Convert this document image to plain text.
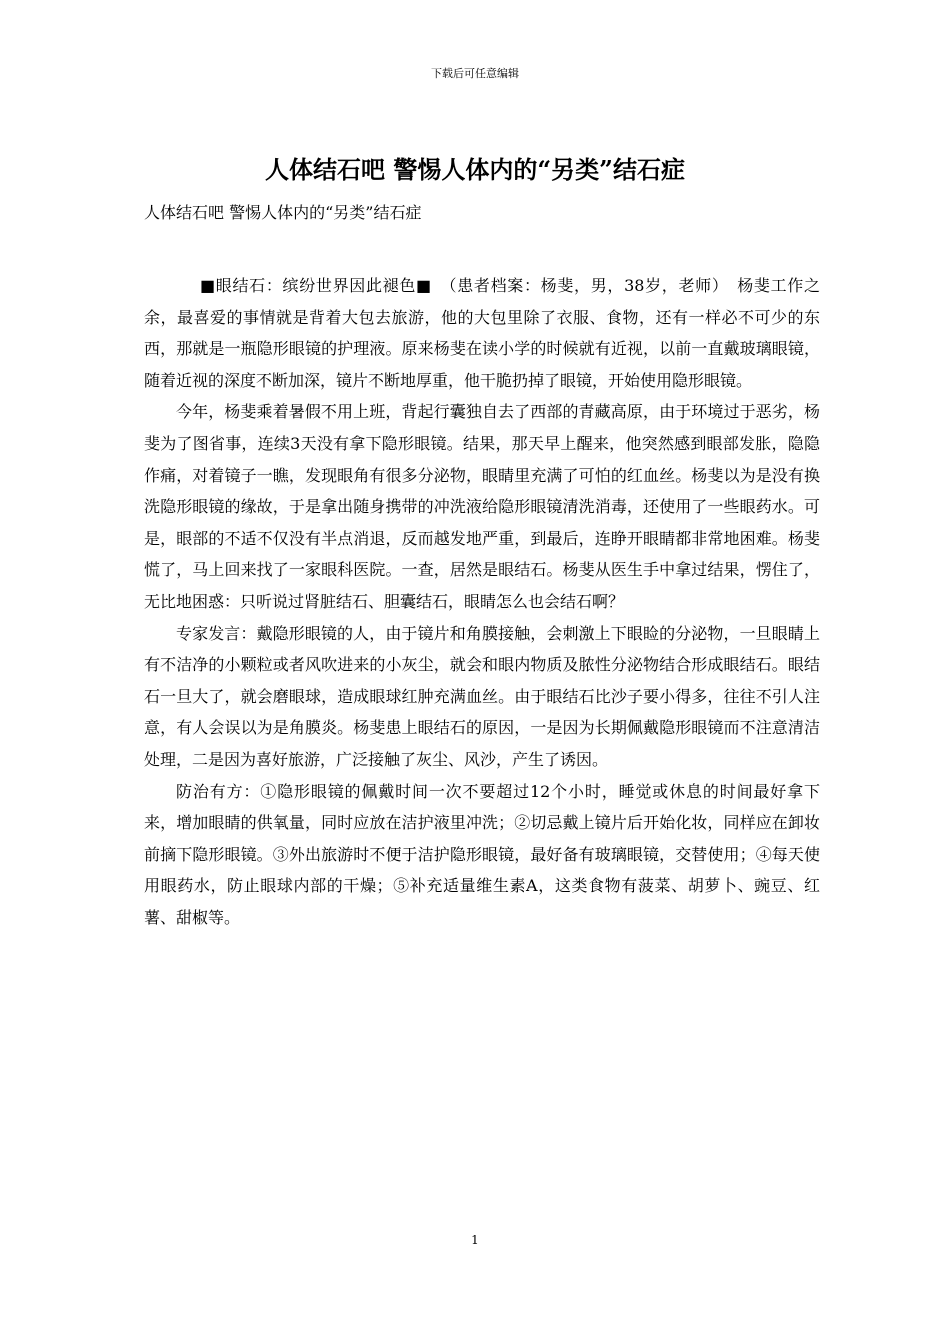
下载后可任意编辑
人体结石吧 警惕人体内的“另类”结石症

人体结石吧 警惕人体内的“另类”结石症

■眼结石：缤纷世界因此褪色■　（患者档案：杨斐，男，38岁，老师）　杨斐工作之余，最喜爱的事情就是背着大包去旅游，他的大包里除了衣服、食物，还有一样必不可少的东西，那就是一瓶隐形眼镜的护理液。原来杨斐在读小学的时候就有近视，以前一直戴玻璃眼镜，随着近视的深度不断加深，镜片不断地厚重，他干脆扔掉了眼镜，开始使用隐形眼镜。

今年，杨斐乘着暑假不用上班，背起行囊独自去了西部的青藏高原，由于环境过于恶劣，杨斐为了图省事，连续3天没有拿下隐形眼镜。结果，那天早上醒来，他突然感到眼部发胀，隐隐作痛，对着镜子一瞧，发现眼角有很多分泌物，眼睛里充满了可怕的红血丝。杨斐以为是没有换洗隐形眼镜的缘故，于是拿出随身携带的冲洗液给隐形眼镜清洗消毒，还使用了一些眼药水。可是，眼部的不适不仅没有半点消退，反而越发地严重，到最后，连睁开眼睛都非常地困难。杨斐慌了，马上回来找了一家眼科医院。一查，居然是眼结石。杨斐从医生手中拿过结果，愣住了，无比地困惑：只听说过肾脏结石、胆囊结石，眼睛怎么也会结石啊？

专家发言：戴隐形眼镜的人，由于镜片和角膜接触，会刺激上下眼睑的分泌物，一旦眼睛上有不洁净的小颗粒或者风吹进来的小灰尘，就会和眼内物质及脓性分泌物结合形成眼结石。眼结石一旦大了，就会磨眼球，造成眼球红肿充满血丝。由于眼结石比沙子要小得多，往往不引人注意，有人会误以为是角膜炎。杨斐患上眼结石的原因，一是因为长期佩戴隐形眼镜而不注意清洁处理，二是因为喜好旅游，广泛接触了灰尘、风沙，产生了诱因。

防治有方：①隐形眼镜的佩戴时间一次不要超过12个小时，睡觉或休息的时间最好拿下来，增加眼睛的供氧量，同时应放在洁护液里冲洗；②切忌戴上镜片后开始化妆，同样应在卸妆前摘下隐形眼镜。③外出旅游时不便于洁护隐形眼镜，最好备有玻璃眼镜，交替使用；④每天使用眼药水，防止眼球内部的干燥；⑤补充适量维生素A，这类食物有菠菜、胡萝卜、豌豆、红薯、甜椒等。

1
